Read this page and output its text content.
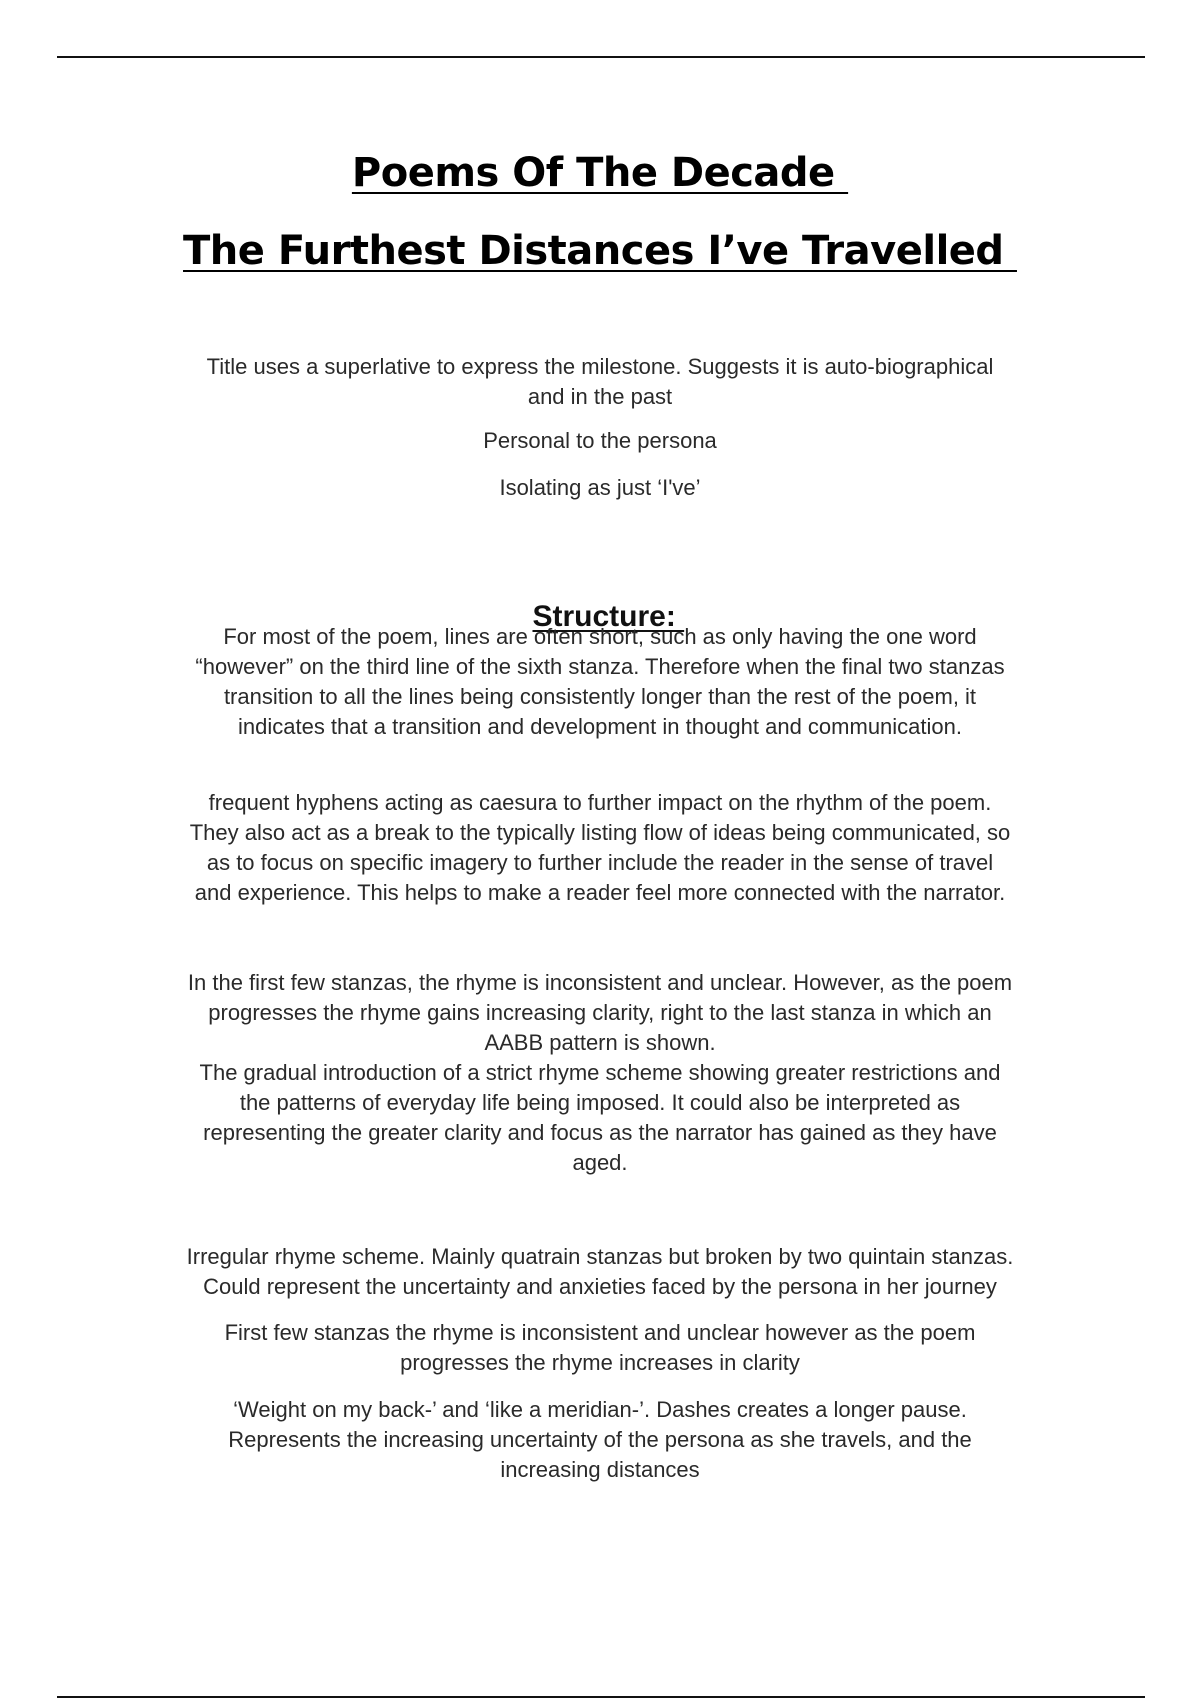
Poems Of The Decade
The Furthest Distances I’ve Travelled
Title uses a superlative to express the milestone. Suggests it is auto-biographical
and in the past
Personal to the persona
Isolating as just ‘I've’

Structure:

For most of the poem, lines are often short, such as only having the one word
“however” on the third line of the sixth stanza. Therefore when the final two stanzas
transition to all the lines being consistently longer than the rest of the poem, it
indicates that a transition and development in thought and communication.
frequent hyphens acting as caesura to further impact on the rhythm of the poem.
They also act as a break to the typically listing flow of ideas being communicated, so
as to focus on specific imagery to further include the reader in the sense of travel
and experience. This helps to make a reader feel more connected with the narrator.
In the first few stanzas, the rhyme is inconsistent and unclear. However, as the poem
progresses the rhyme gains increasing clarity, right to the last stanza in which an
AABB pattern is shown.
The gradual introduction of a strict rhyme scheme showing greater restrictions and
the patterns of everyday life being imposed. It could also be interpreted as
representing the greater clarity and focus as the narrator has gained as they have
aged.
Irregular rhyme scheme. Mainly quatrain stanzas but broken by two quintain stanzas.
Could represent the uncertainty and anxieties faced by the persona in her journey
First few stanzas the rhyme is inconsistent and unclear however as the poem
progresses the rhyme increases in clarity
‘Weight on my back-’ and ‘like a meridian-’. Dashes creates a longer pause.
Represents the increasing uncertainty of the persona as she travels, and the
increasing distances
